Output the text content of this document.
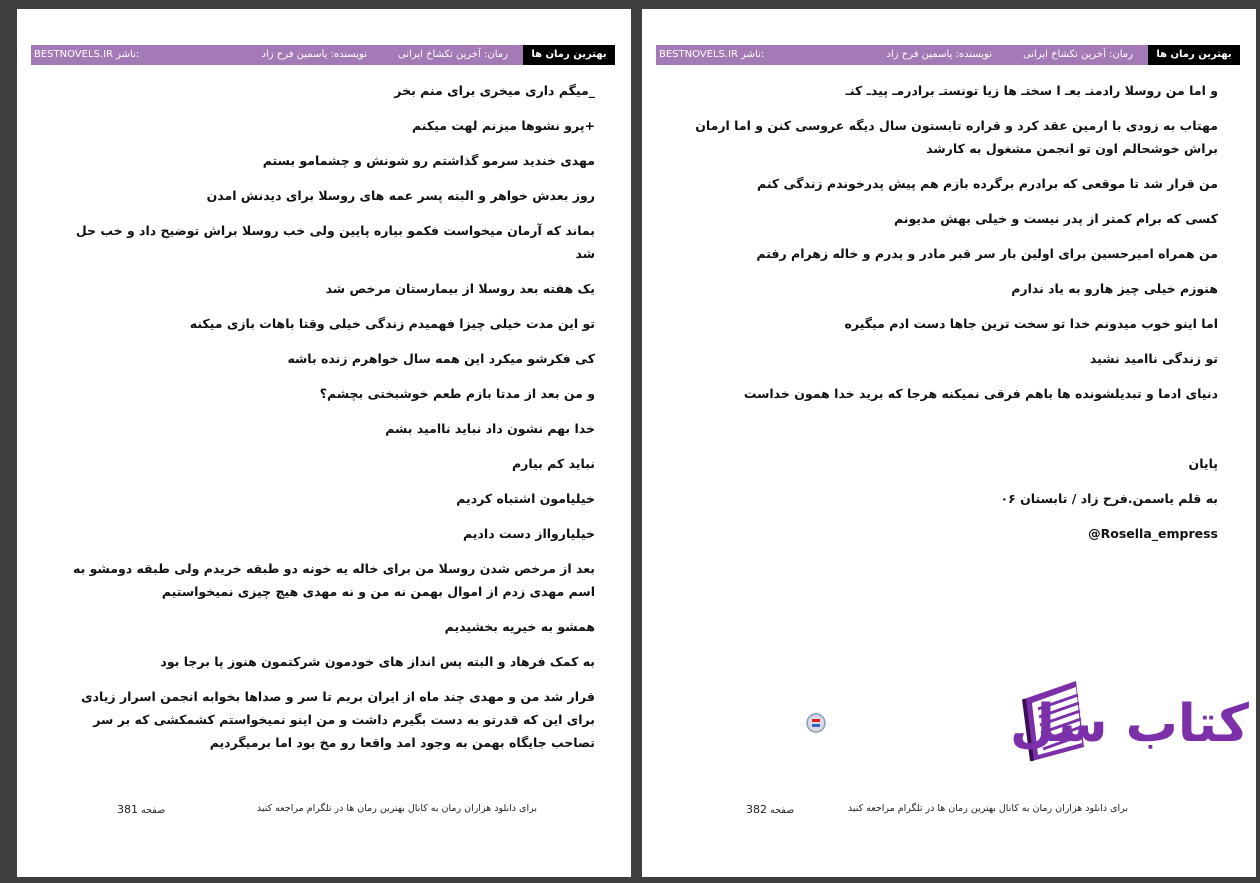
بهترین رمان ها
رمان: آخرین تکشاخ ایرانی
نویسنده: یاسمین فرح زاد
BESTNOVELS.IR ناشر:

_میگم داری میخری برای منم بخر

+پرو نشوها میزنم لهت میکنم

مهدی خندید سرمو گذاشتم رو شونش و چشمامو بستم

روز بعدش خواهر و البته پسر عمه های روسلا برای دیدنش امدن

بماند که آرمان میخواست فکمو بیاره پایین ولی خب روسلا براش توضیح داد و خب حل شد

یک هفته بعد روسلا از بیمارستان مرخص شد

تو این مدت خیلی چیزا فهمیدم زندگی خیلی وقتا باهات بازی میکنه

کی فکرشو میکرد این همه سال خواهرم زنده باشه

و من بعد از مدتا بازم طعم خوشبختی بچشم؟

خدا بهم نشون داد نباید ناامید بشم

نباید کم بیارم

خیلیامون اشتباه کردیم

خیلیاروااز دست دادیم

بعد از مرخص شدن روسلا من برای خاله یه خونه دو طبقه خریدم ولی طبقه دومشو به اسم مهدی زدم از اموال بهمن نه من و نه مهدی هیچ چیزی نمیخواستیم

همشو به خیریه بخشیدیم

به کمک فرهاد و البته پس انداز های خودمون شرکتمون هنوز پا برجا بود

قرار شد من و مهدی چند ماه از ایران بریم تا سر و صداها بخوابه انجمن اسرار زیادی برای این که قدرتو به دست بگیرم داشت و من اینو نمیخواستم کشمکشی که بر سر تصاحب جایگاه بهمن به وجود امد واقعا رو مخ بود اما برمیگردیم

برای دانلود هزاران رمان به کانال بهترین رمان ها در تلگرام مراجعه کنید
صفحه 381
بهترین رمان ها
رمان: آخرین تکشاخ ایرانی
نویسنده: یاسمین فرح زاد
BESTNOVELS.IR ناشر:

و اما من روسلا رادمنـ بعـ ا سختـ ها زیا تونستـ برادرمـ پیدـ کنـ

مهتاب به زودی با ارمین عقد کرد و قراره تابستون سال دیگه عروسی کنن و اما ارمان براش خوشحالم اون تو انجمن مشغول به کارشد

من قرار شد تا موقعی که برادرم برگرده بازم هم پیش پدرخوندم زندگی کنم

کسی که برام کمتر از پدر نیست و خیلی بهش مدیونم

من همراه امیرحسین برای اولین بار سر قبر مادر و پدرم و خاله زهرام رفتم

هنوزم خیلی چیز هارو به یاد ندارم

اما اینو خوب میدونم خدا تو سخت ترین جاها دست ادم میگیره

تو زندگی ناامید نشید

دنیای ادما و تبدیلشونده ها باهم فرقی نمیکنه هرجا که برید خدا همون خداست

پایان

به قلم یاسمن.فرح زاد / تابستان ۰۶

@Rosella_empress

کتاب سل
برای دانلود هزاران رمان به کانال بهترین رمان ها در تلگرام مراجعه کنید
صفحه 382
